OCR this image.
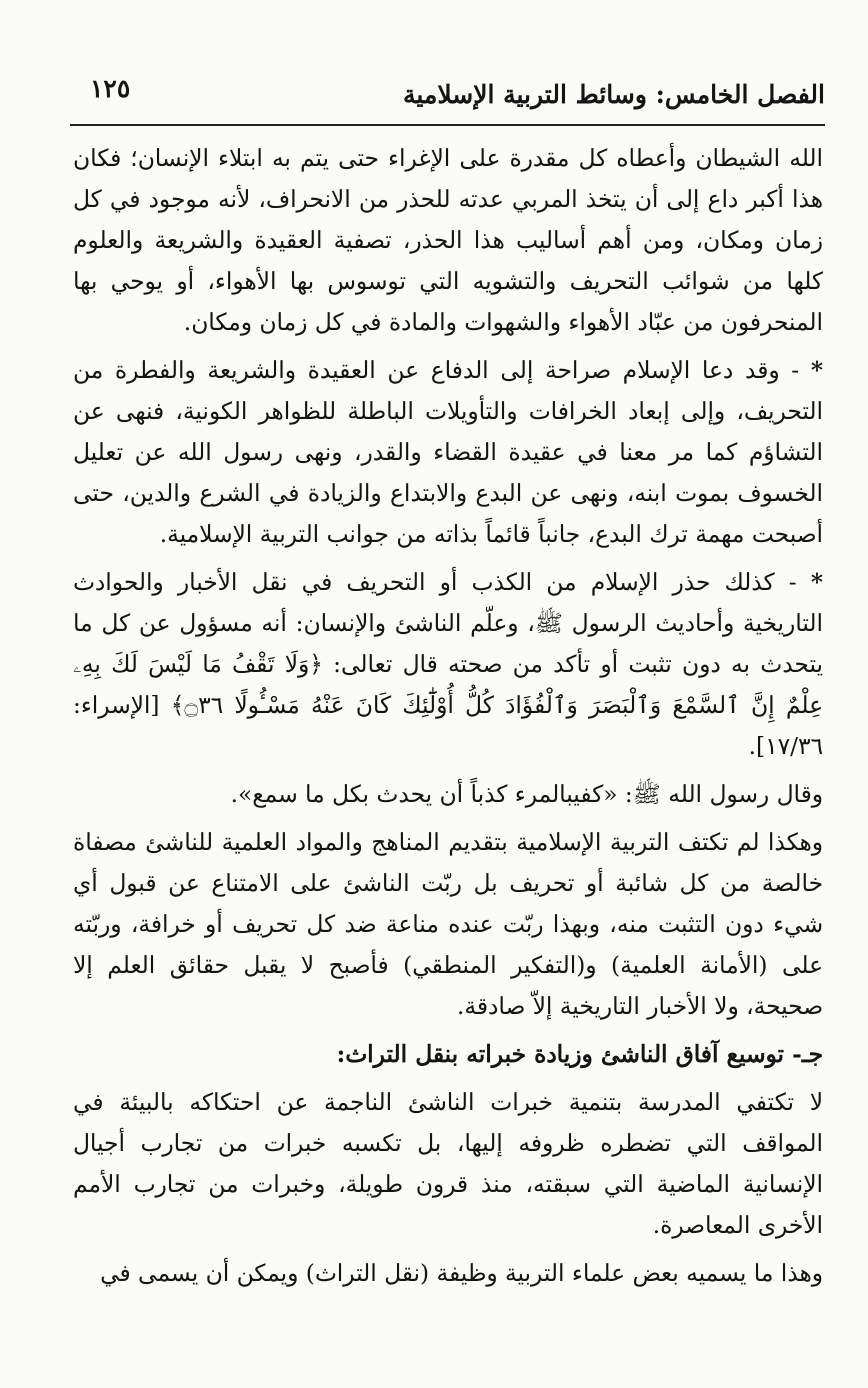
الفصل الخامس: وسائط التربية الإسلامية
١٢٥

الله الشيطان وأعطاه كل مقدرة على الإغراء حتى يتم به ابتلاء الإنسان؛ فكان هذا أكبر داع إلى أن يتخذ المربي عدته للحذر من الانحراف، لأنه موجود في كل زمان ومكان، ومن أهم أساليب هذا الحذر، تصفية العقيدة والشريعة والعلوم كلها من شوائب التحريف والتشويه التي توسوس بها الأهواء، أو يوحي بها المنحرفون من عبّاد الأهواء والشهوات والمادة في كل زمان ومكان.

* - وقد دعا الإسلام صراحة إلى الدفاع عن العقيدة والشريعة والفطرة من التحريف، وإلى إبعاد الخرافات والتأويلات الباطلة للظواهر الكونية، فنهى عن التشاؤم كما مر معنا في عقيدة القضاء والقدر، ونهى رسول الله عن تعليل الخسوف بموت ابنه، ونهى عن البدع والابتداع والزيادة في الشرع والدين، حتى أصبحت مهمة ترك البدع، جانباً قائماً بذاته من جوانب التربية الإسلامية.

* - كذلك حذر الإسلام من الكذب أو التحريف في نقل الأخبار والحوادث التاريخية وأحاديث الرسول ﷺ، وعلّم الناشئ والإنسان: أنه مسؤول عن كل ما يتحدث به دون تثبت أو تأكد من صحته قال تعالى: ﴿وَلَا تَقْفُ مَا لَيْسَ لَكَ بِهِۦ عِلْمٌ إِنَّ ٱلسَّمْعَ وَٱلْبَصَرَ وَٱلْفُؤَادَ كُلُّ أُوْلَٰٓئِكَ كَانَ عَنْهُ مَسْـُٔولًا ۝٣٦﴾ [الإسراء: ١٧/٣٦].

وقال رسول الله ﷺ: «كفيبالمرء كذباً أن يحدث بكل ما سمع».

وهكذا لم تكتف التربية الإسلامية بتقديم المناهج والمواد العلمية للناشئ مصفاة خالصة من كل شائبة أو تحريف بل ربّت الناشئ على الامتناع عن قبول أي شيء دون التثبت منه، وبهذا ربّت عنده مناعة ضد كل تحريف أو خرافة، وربّته على (الأمانة العلمية) و(التفكير المنطقي) فأصبح لا يقبل حقائق العلم إلا صحيحة، ولا الأخبار التاريخية إلاّ صادقة.

جـ- توسيع آفاق الناشئ وزيادة خبراته بنقل التراث:

لا تكتفي المدرسة بتنمية خبرات الناشئ الناجمة عن احتكاكه بالبيئة في المواقف التي تضطره ظروفه إليها، بل تكسبه خبرات من تجارب أجيال الإنسانية الماضية التي سبقته، منذ قرون طويلة، وخبرات من تجارب الأمم الأخرى المعاصرة.

وهذا ما يسميه بعض علماء التربية وظيفة (نقل التراث) ويمكن أن يسمى في
